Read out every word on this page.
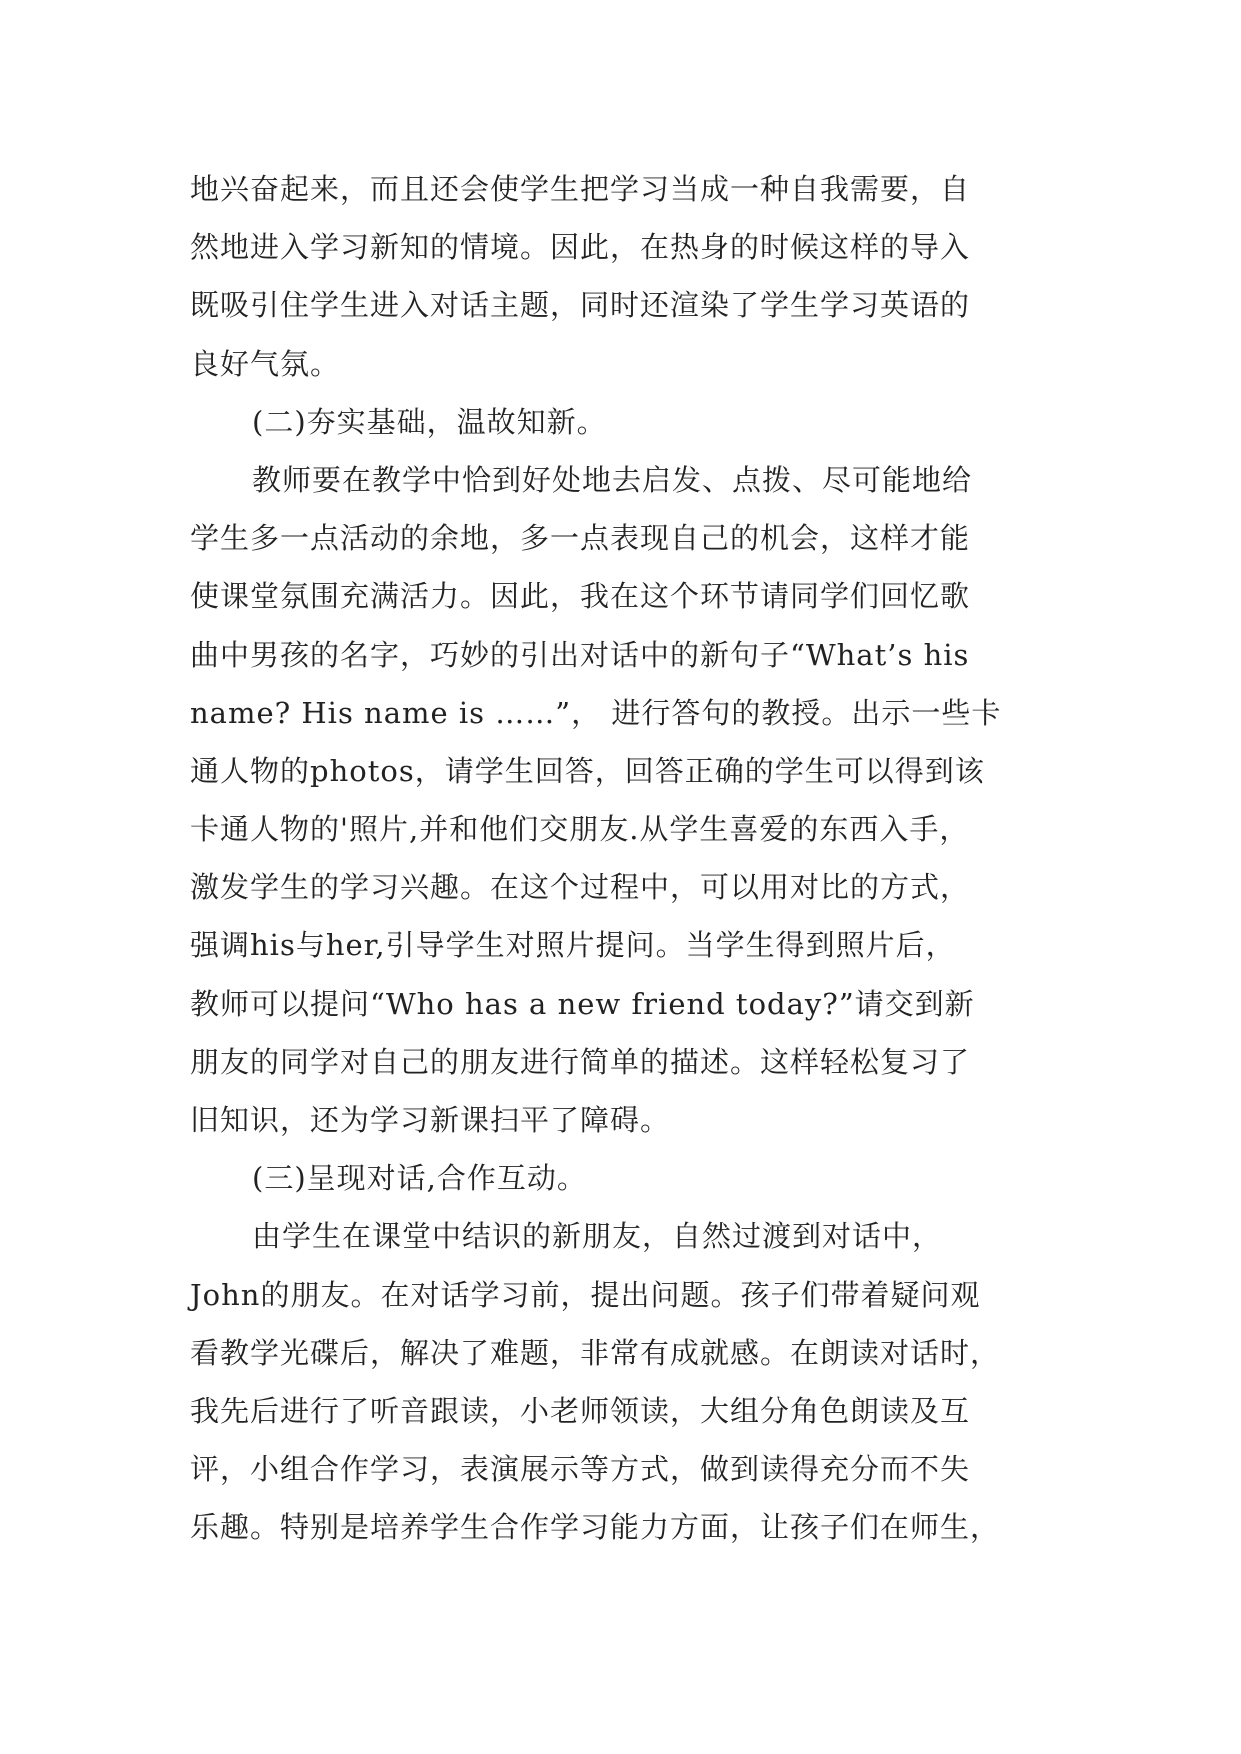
地兴奋起来，而且还会使学生把学习当成一种自我需要，自
然地进入学习新知的情境。因此，在热身的时候这样的导入
既吸引住学生进入对话主题，同时还渲染了学生学习英语的
良好气氛。
(二)夯实基础，温故知新。
教师要在教学中恰到好处地去启发、点拨、尽可能地给
学生多一点活动的余地，多一点表现自己的机会，这样才能
使课堂氛围充满活力。因此，我在这个环节请同学们回忆歌
曲中男孩的名字，巧妙的引出对话中的新句子“What’s his
name? His name is ……”， 进行答句的教授。出示一些卡
通人物的photos，请学生回答，回答正确的学生可以得到该
卡通人物的'照片,并和他们交朋友.从学生喜爱的东西入手，
激发学生的学习兴趣。在这个过程中，可以用对比的方式，
强调his与her,引导学生对照片提问。当学生得到照片后，
教师可以提问“Who has a new friend today?”请交到新
朋友的同学对自己的朋友进行简单的描述。这样轻松复习了
旧知识，还为学习新课扫平了障碍。
(三)呈现对话,合作互动。
由学生在课堂中结识的新朋友，自然过渡到对话中，
John的朋友。在对话学习前，提出问题。孩子们带着疑问观
看教学光碟后，解决了难题，非常有成就感。在朗读对话时，
我先后进行了听音跟读，小老师领读，大组分角色朗读及互
评，小组合作学习，表演展示等方式，做到读得充分而不失
乐趣。特别是培养学生合作学习能力方面，让孩子们在师生，
